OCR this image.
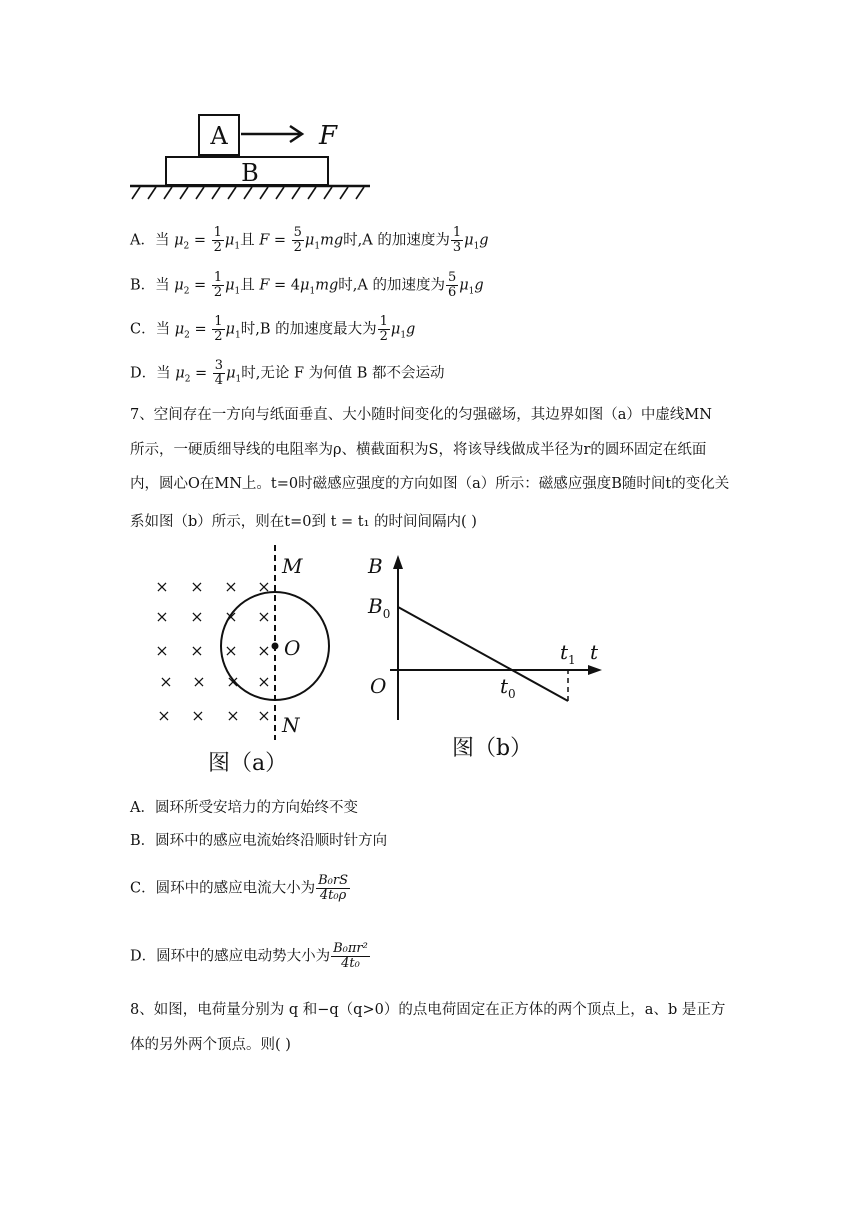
A	F
B
A．当 $\mu_2 = \frac{1}{2} \mu_1$且 $F = \frac{5}{2} \mu_1mg$时,A 的加速度为 $\frac{1}{3} \mu_1g$
B．当 $\mu_2 = \frac{1}{2} \mu_1$且 $F = 4\mu_1mg$时,A 的加速度为 $\frac{5}{6} \mu_1g$
C．当 $\mu_2 = \frac{1}{2} \mu_1$时,B 的加速度最大为 $\frac{1}{2} \mu_1g$
D．当 $\mu_2 = \frac{3}{4} \mu_1$时,无论 F 为何值 B 都不会运动
7、空间存在一方向与纸面垂直、大小随时间变化的匀强磁场，其边界如图（a）中虚线MN
所示，一硬质细导线的电阻率为ρ、横截面积为S，将该导线做成半径为r的圆环固定在纸面
内，圆心O在MN上。t=0时磁感应强度的方向如图（a）所示：磁感应强度B随时间t的变化关
系如图（b）所示，则在t=0到 t = t₁ 的时间间隔内( )
× × × ×
× × × ×
× × × ×
× × × ×
× × × ×
M
O
N
图（a）
B
$B_0$
O	$t_0$
$t_1$ t
图（b）
A．圆环所受安培力的方向始终不变
B．圆环中的感应电流始终沿顺时针方向
C．圆环中的感应电流大小为 $\frac{\text{B₀rS}}{\text{4t₀ρ}}$
D．圆环中的感应电动势大小为 $\frac{\text{B₀πr²}}{\text{4t₀}}$
8、如图，电荷量分别为 q 和−q（q>0）的点电荷固定在正方体的两个顶点上，a、b 是正方
体的另外两个顶点。则( )
